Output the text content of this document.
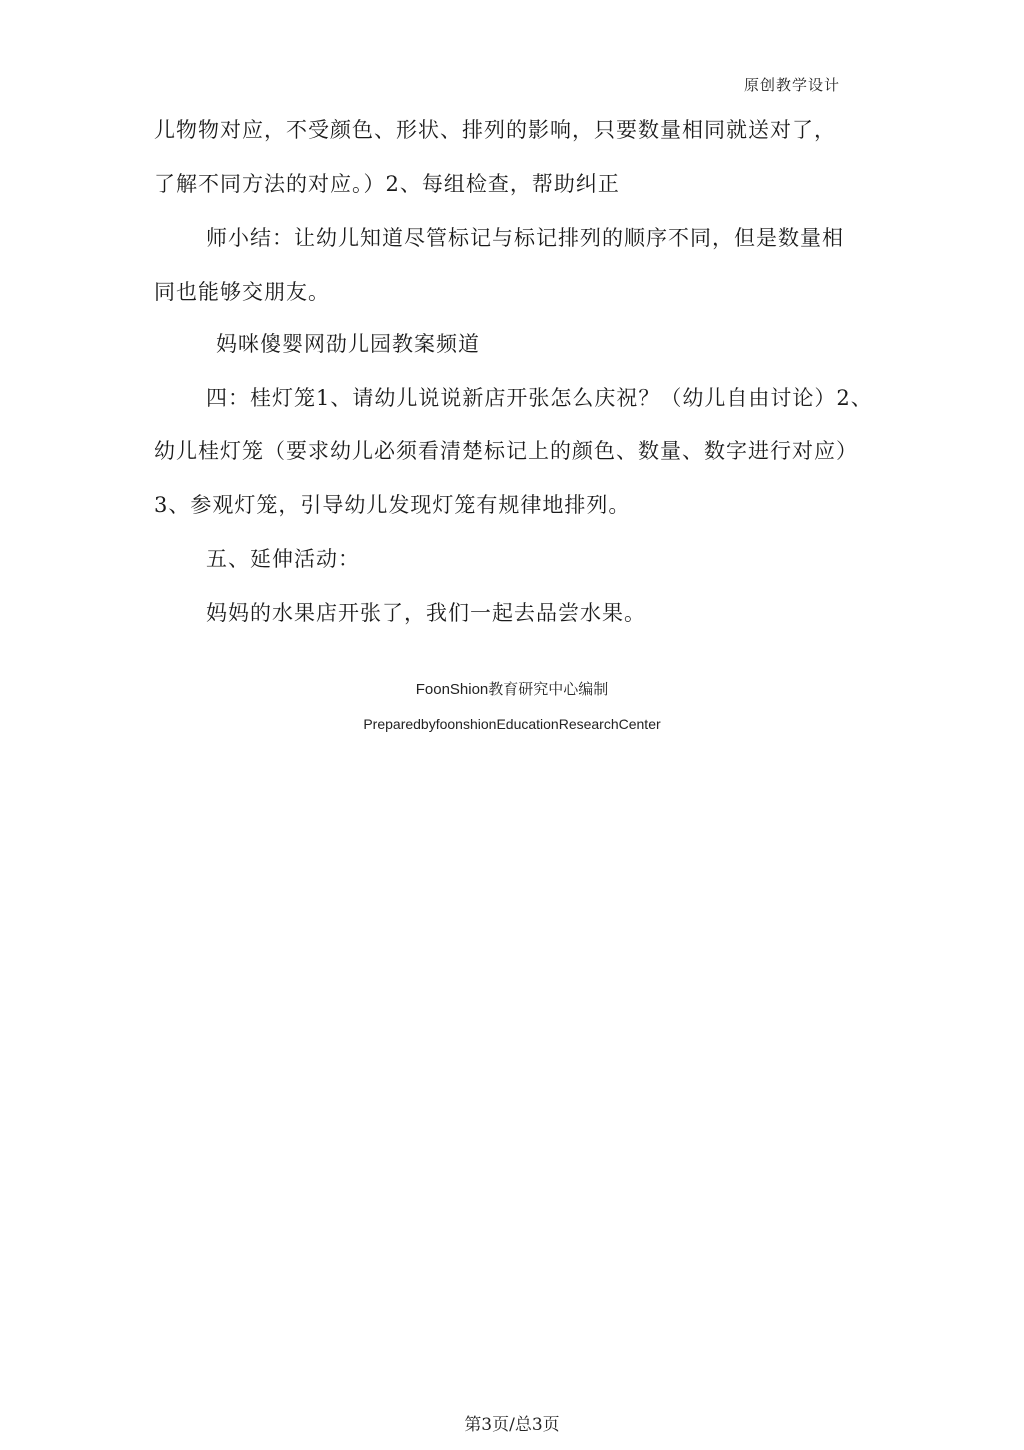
原创教学设计
儿物物对应，不受颜色、形状、排列的影响，只要数量相同就送对了，
了解不同方法的对应。）2、每组检查，帮助纠正
师小结：让幼儿知道尽管标记与标记排列的顺序不同，但是数量相
同也能够交朋友。
妈咪傻婴网劭儿园教案频道
四：桂灯笼1、请幼儿说说新店开张怎么庆祝？（幼儿自由讨论）2、
幼儿桂灯笼（要求幼儿必须看清楚标记上的颜色、数量、数字进行对应）
3、参观灯笼，引导幼儿发现灯笼有规律地排列。
五、延伸活动：
妈妈的水果店开张了，我们一起去品尝水果。
FoonShion教育研究中心编制
PreparedbyfoonshionEducationResearchCenter
第3页/总3页
